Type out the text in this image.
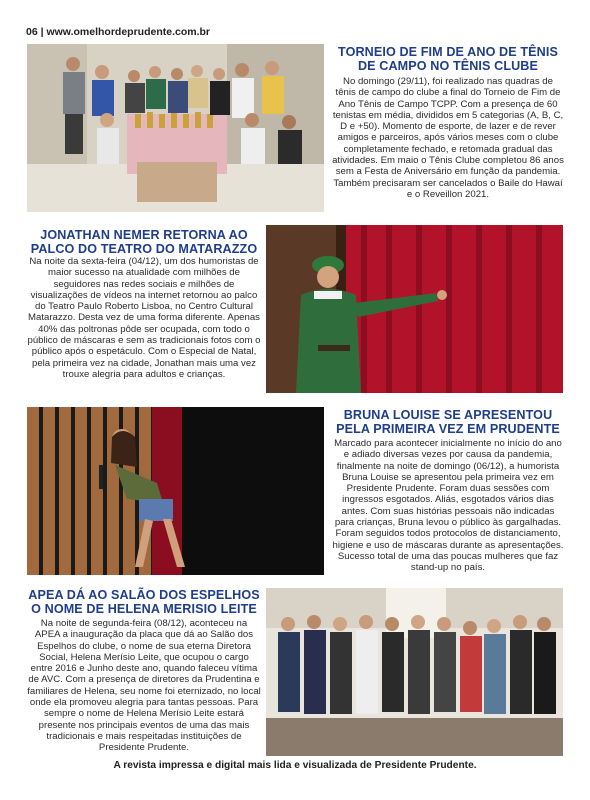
06 | www.omelhordeprudente.com.br
TORNEIO DE FIM DE ANO DE TÊNIS DE CAMPO NO TÊNIS CLUBE
No domingo (29/11), foi realizado nas quadras de tênis de campo do clube a final do Torneio de Fim de Ano Tênis de Campo TCPP. Com a presença de 60 tenistas em média, divididos em 5 categorias (A, B, C, D e +50). Momento de esporte, de lazer e de rever amigos e parceiros, após vários meses com o clube completamente fechado, e retomada gradual das atividades. Em maio o Tênis Clube completou 86 anos sem a Festa de Aniversário em função da pandemia. Também precisaram ser cancelados o Baile do Hawaí e o Reveillon 2021.
JONATHAN NEMER RETORNA AO PALCO DO TEATRO DO MATARAZZO
Na noite da sexta-feira (04/12), um dos humoristas de maior sucesso na atualidade com milhões de seguidores nas redes sociais e milhões de visualizações de vídeos na internet retornou ao palco do Teatro Paulo Roberto Lisboa, no Centro Cultural Matarazzo. Desta vez de uma forma diferente. Apenas 40% das poltronas pôde ser ocupada, com todo o público de máscaras e sem as tradicionais fotos com o público após o espetáculo. Com o Especial de Natal, pela primeira vez na cidade, Jonathan mais uma vez trouxe alegria para adultos e crianças.
BRUNA LOUISE SE APRESENTOU PELA PRIMEIRA VEZ EM PRUDENTE
Marcado para acontecer inicialmente no início do ano e adiado diversas vezes por causa da pandemia, finalmente na noite de domingo (06/12), a humorista Bruna Louise se apresentou pela primeira vez em Presidente Prudente. Foram duas sessões com ingressos esgotados. Aliás, esgotados vários dias antes. Com suas histórias pessoais não indicadas para crianças, Bruna levou o público às gargalhadas. Foram seguidos todos protocolos de distanciamento, higiene e uso de máscaras durante as apresentações. Sucesso total de uma das poucas mulheres que faz stand-up no país.
APEA DÁ AO SALÃO DOS ESPELHOS O NOME DE HELENA MERISIO LEITE
Na noite de segunda-feira (08/12), aconteceu na APEA a inauguração da placa que dá ao Salão dos Espelhos do clube, o nome de sua eterna Diretora Social, Helena Merísio Leite, que ocupou o cargo entre 2016 e Junho deste ano, quando faleceu vítima de AVC. Com a presença de diretores da Prudentina e familiares de Helena, seu nome foi eternizado, no local onde ela promoveu alegria para tantas pessoas. Para sempre o nome de Helena Merísio Leite estará presente nos principais eventos de uma das mais tradicionais e mais respeitadas instituições de Presidente Prudente.
A revista impressa e digital mais lida e visualizada de Presidente Prudente.
